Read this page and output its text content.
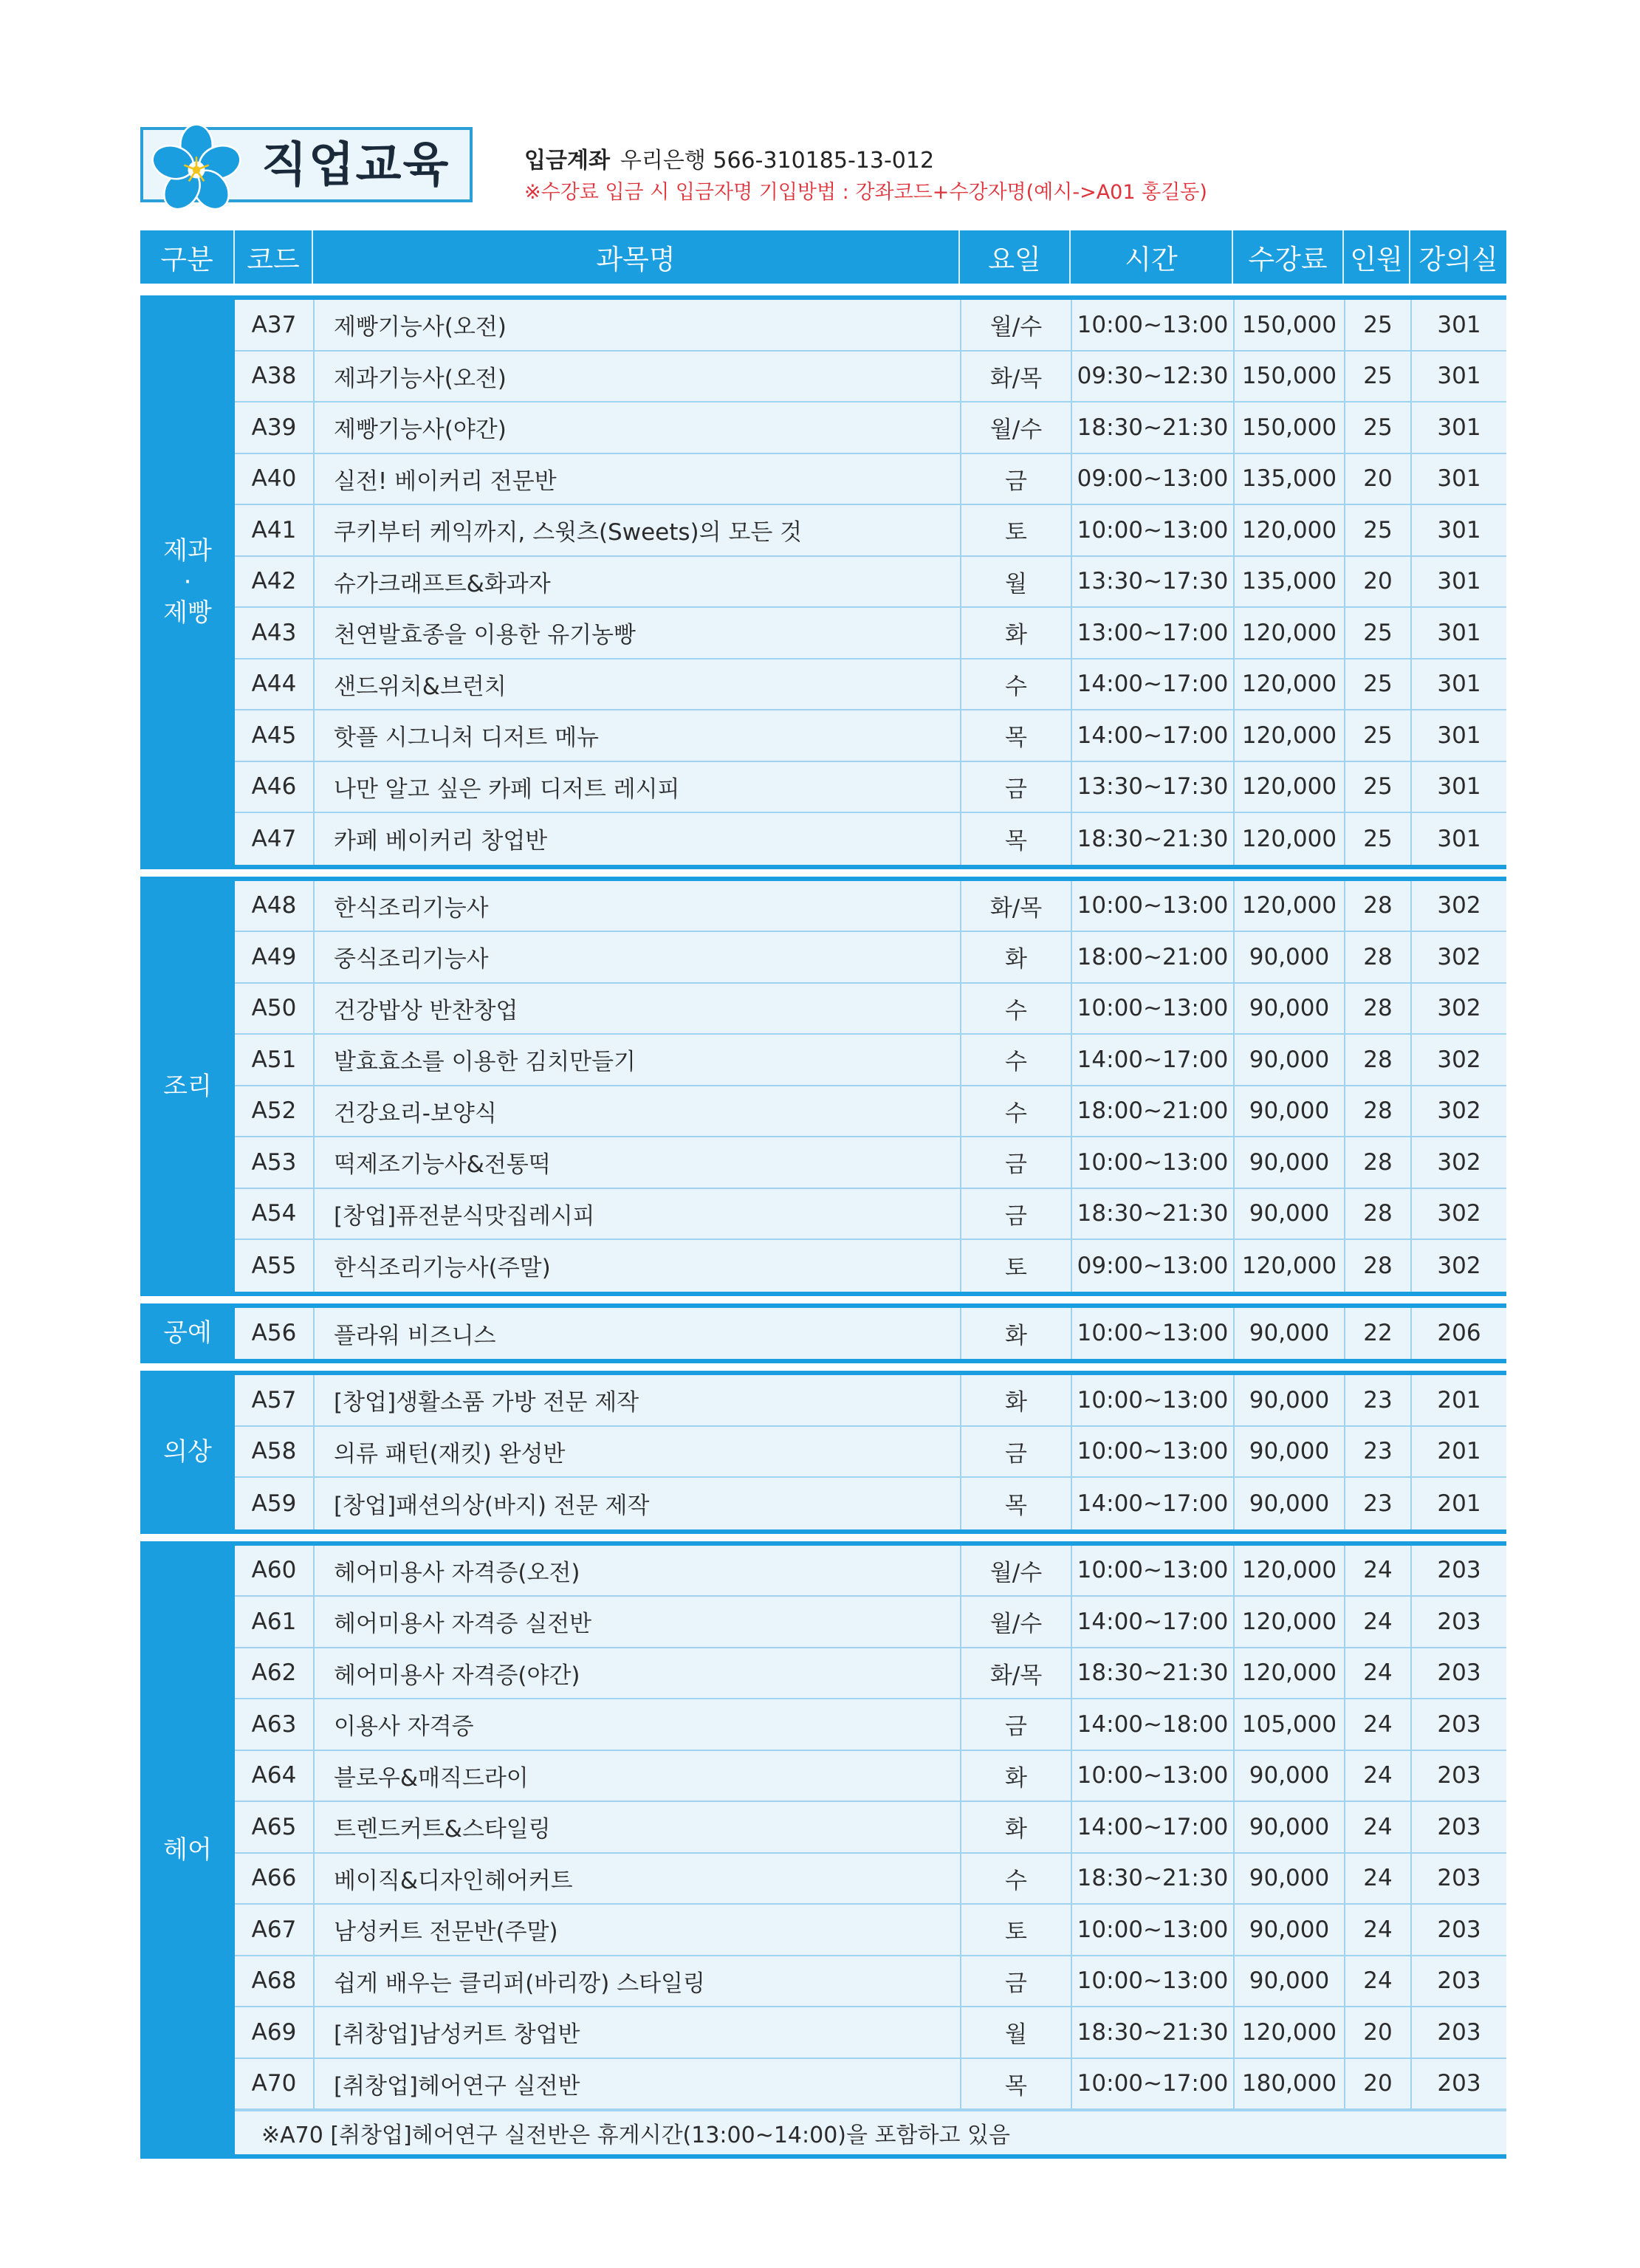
직업교육	입금계좌 우리은행 566-310185-13-012
※수강료 입금 시 입금자명 기입방법 : 강좌코드+수강자명(예시->A01 홍길동)
구분	코드	과목명	요일	시간	수강료 인원 강의실
제과
·
제빵
A37	제빵기능사(오전)	월/수	10:00~13:00 150,000	25	301
A38	제과기능사(오전)	화/목	09:30~12:30 150,000	25	301
A39	제빵기능사(야간)	월/수	18:30~21:30 150,000	25	301
A40	실전! 베이커리 전문반	금	09:00~13:00 135,000	20	301
A41	쿠키부터 케익까지, 스윗츠(Sweets)의 모든 것	토	10:00~13:00 120,000	25	301
A42	슈가크래프트&화과자	월	13:30~17:30 135,000	20	301
A43	천연발효종을 이용한 유기농빵	화	13:00~17:00 120,000	25	301
A44	샌드위치&브런치	수	14:00~17:00 120,000	25	301
A45	핫플 시그니처 디저트 메뉴	목	14:00~17:00 120,000	25	301
A46	나만 알고 싶은 카페 디저트 레시피	금	13:30~17:30 120,000	25	301
A47	카페 베이커리 창업반	목	18:30~21:30 120,000	25	301
조리
A48	한식조리기능사	화/목	10:00~13:00 120,000	28	302
A49	중식조리기능사	화	18:00~21:00 90,000	28	302
A50	건강밥상 반찬창업	수	10:00~13:00 90,000	28	302
A51	발효효소를 이용한 김치만들기	수	14:00~17:00 90,000	28	302
A52	건강요리-보양식	수	18:00~21:00 90,000	28	302
A53	떡제조기능사&전통떡	금	10:00~13:00 90,000	28	302
A54	[창업]퓨전분식맛집레시피	금	18:30~21:30 90,000	28	302
A55	한식조리기능사(주말)	토	09:00~13:00 120,000	28	302
공예	A56	플라워 비즈니스	화	10:00~13:00 90,000	22	206
의상
A57	[창업]생활소품 가방 전문 제작	화	10:00~13:00 90,000	23	201
A58	의류 패턴(재킷) 완성반	금	10:00~13:00 90,000	23	201
A59	[창업]패션의상(바지) 전문 제작	목	14:00~17:00 90,000	23	201
헤어
A60	헤어미용사 자격증(오전)	월/수	10:00~13:00 120,000	24	203
A61	헤어미용사 자격증 실전반	월/수	14:00~17:00 120,000	24	203
A62	헤어미용사 자격증(야간)	화/목	18:30~21:30 120,000	24	203
A63	이용사 자격증	금	14:00~18:00 105,000	24	203
A64	블로우&매직드라이	화	10:00~13:00 90,000	24	203
A65	트렌드커트&스타일링	화	14:00~17:00 90,000	24	203
A66	베이직&디자인헤어커트	수	18:30~21:30 90,000	24	203
A67	남성커트 전문반(주말)	토	10:00~13:00 90,000	24	203
A68	쉽게 배우는 클리퍼(바리깡) 스타일링	금	10:00~13:00 90,000	24	203
A69	[취창업]남성커트 창업반	월	18:30~21:30 120,000	20	203
A70	[취창업]헤어연구 실전반	목	10:00~17:00 180,000	20	203
※A70 [취창업]헤어연구 실전반은 휴게시간(13:00~14:00)을 포함하고 있음
